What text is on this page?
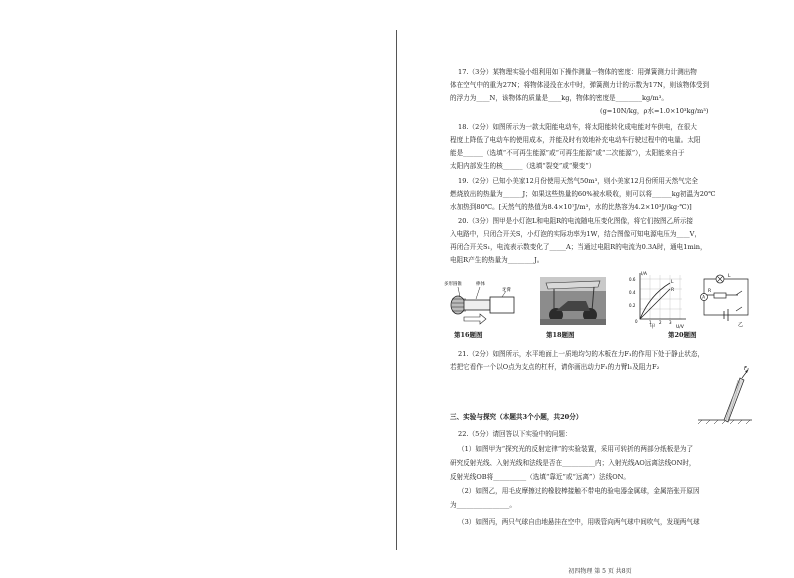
17.（3分）某物理实验小组利用如下操作测量一物体的密度：用弹簧测力计测出物
体在空气中的重为27N；将物体浸没在水中时，弹簧测力计的示数为17N，则该物体受到
的浮力为____N，该物体的质量是____kg，物体的密度是________kg/m³。
(g=10N/kg，ρ水=1.0×10³kg/m³)
18.（2分）如图所示为一款太阳能电动车，将太阳能转化成电能对车供电，在很大
程度上降低了电动车的使用成本，并能及时有效地补充电动车行驶过程中的电量。太阳
能是______（选填“不可再生能源”或“可再生能源”或“二次能源”），太阳能来自于
太阳内部发生的核______（选填“裂变”或“聚变”）
19.（2分）已知小美家12月份使用天然气50m³，则小美家12月份所用天然气完全
燃烧放出的热量为______J；如果这些热量的60%被水吸收，则可以将______kg初温为20℃
水加热到80℃。[天然气的热值为8.4×10⁷J/m³，水的比热容为4.2×10³J/(kg·℃)]
20.（3分）图甲是小灯泡L和电阻R的电流随电压变化图像，将它们按图乙所示接
入电路中，只闭合开关S，小灯泡的实际功率为1W，结合图像可知电源电压为____V，
再闭合开关S₁，电流表示数变化了_____A；当通过电阻R的电流为0.3A时，通电1min，
电阻R产生的热量为________J。
多形圆锥	棒体
牙膏
I/A
0.6
0.4
0.2
0	1 2 3
U/V
L
R
甲
A
L
R
乙
第16题图	第18题图	第20题图
21.（2分）如图所示，水平地面上一质地均匀的木板在力F₁的作用下处于静止状态，
若把它看作一个以O点为支点的杠杆，请你画出动力F₁的力臂l₁及阻力F₂	F₁
三、实验与探究（本题共3个小题，共20分）
22.（5分）请回答以下实验中的问题：
（1）如图甲为“探究光的反射定律”的实验装置，采用可转折的两部分纸板是为了
研究反射光线、入射光线和法线是否在__________内；入射光线AO远离法线ON时，
反射光线OB将__________（选填“靠近”或“远离”）法线ON。
（2）如图乙，用毛皮摩擦过的橡胶棒接触不带电的验电器金属球，金属箔张开原因
为________________。
（3）如图丙，两只气球自由地悬挂在空中，用吸管向两气球中间吹气，发现两气球
初四物理 第 5 页 共8页
